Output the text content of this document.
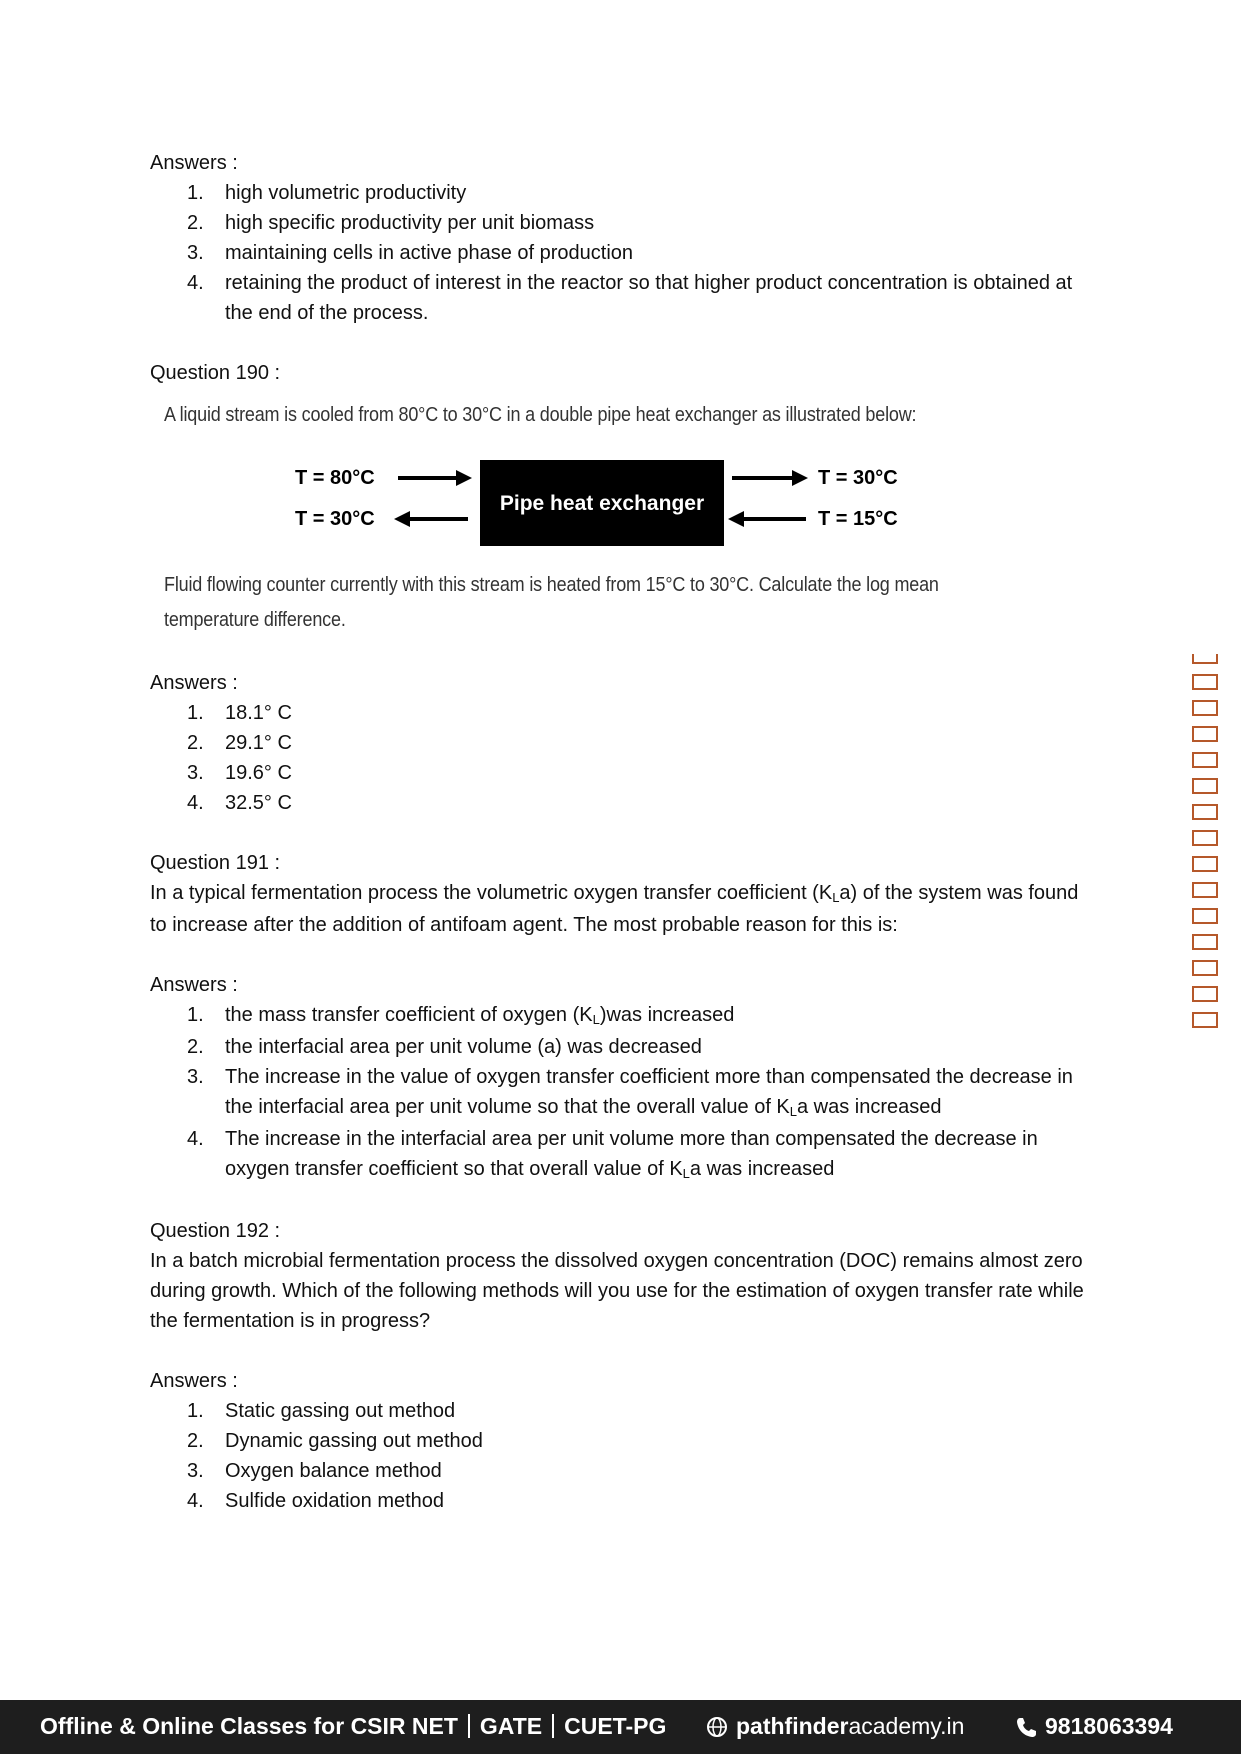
Answers :

1. high volumetric productivity
2. high specific productivity per unit biomass
3. maintaining cells in active phase of production
4. retaining the product of interest in the reactor so that higher product concentration is obtained at the end of the process.

Question 190 :

A liquid stream is cooled from 80°C to 30°C in a double pipe heat exchanger as illustrated below:
Pipe heat exchanger
T = 80°C
T = 30°C
T = 30°C
T = 15°C
Fluid flowing counter currently with this stream is heated from 15°C to 30°C. Calculate the log mean
temperature difference.

Answers :

1. 18.1° C
2. 29.1° C
3. 19.6° C
4. 32.5° C

Question 191 :

In a typical fermentation process the volumetric oxygen transfer coefficient (KLa) of the system was found to increase after the addition of antifoam agent. The most probable reason for this is:

Answers :

1. the mass transfer coefficient of oxygen (KL)was increased
2. the interfacial area per unit volume (a) was decreased
3. The increase in the value of oxygen transfer coefficient more than compensated the decrease in the interfacial area per unit volume so that the overall value of KLa was increased
4. The increase in the interfacial area per unit volume more than compensated the decrease in oxygen transfer coefficient so that overall value of KLa was increased

Question 192 :

In a batch microbial fermentation process the dissolved oxygen concentration (DOC) remains almost zero during growth. Which of the following methods will you use for the estimation of oxygen transfer rate while the fermentation is in progress?

Answers :

1. Static gassing out method
2. Dynamic gassing out method
3. Oxygen balance method
4. Sulfide oxidation method
Offline & Online Classes for CSIR NET GATE CUET-PG	pathfinderacademy.in	9818063394
